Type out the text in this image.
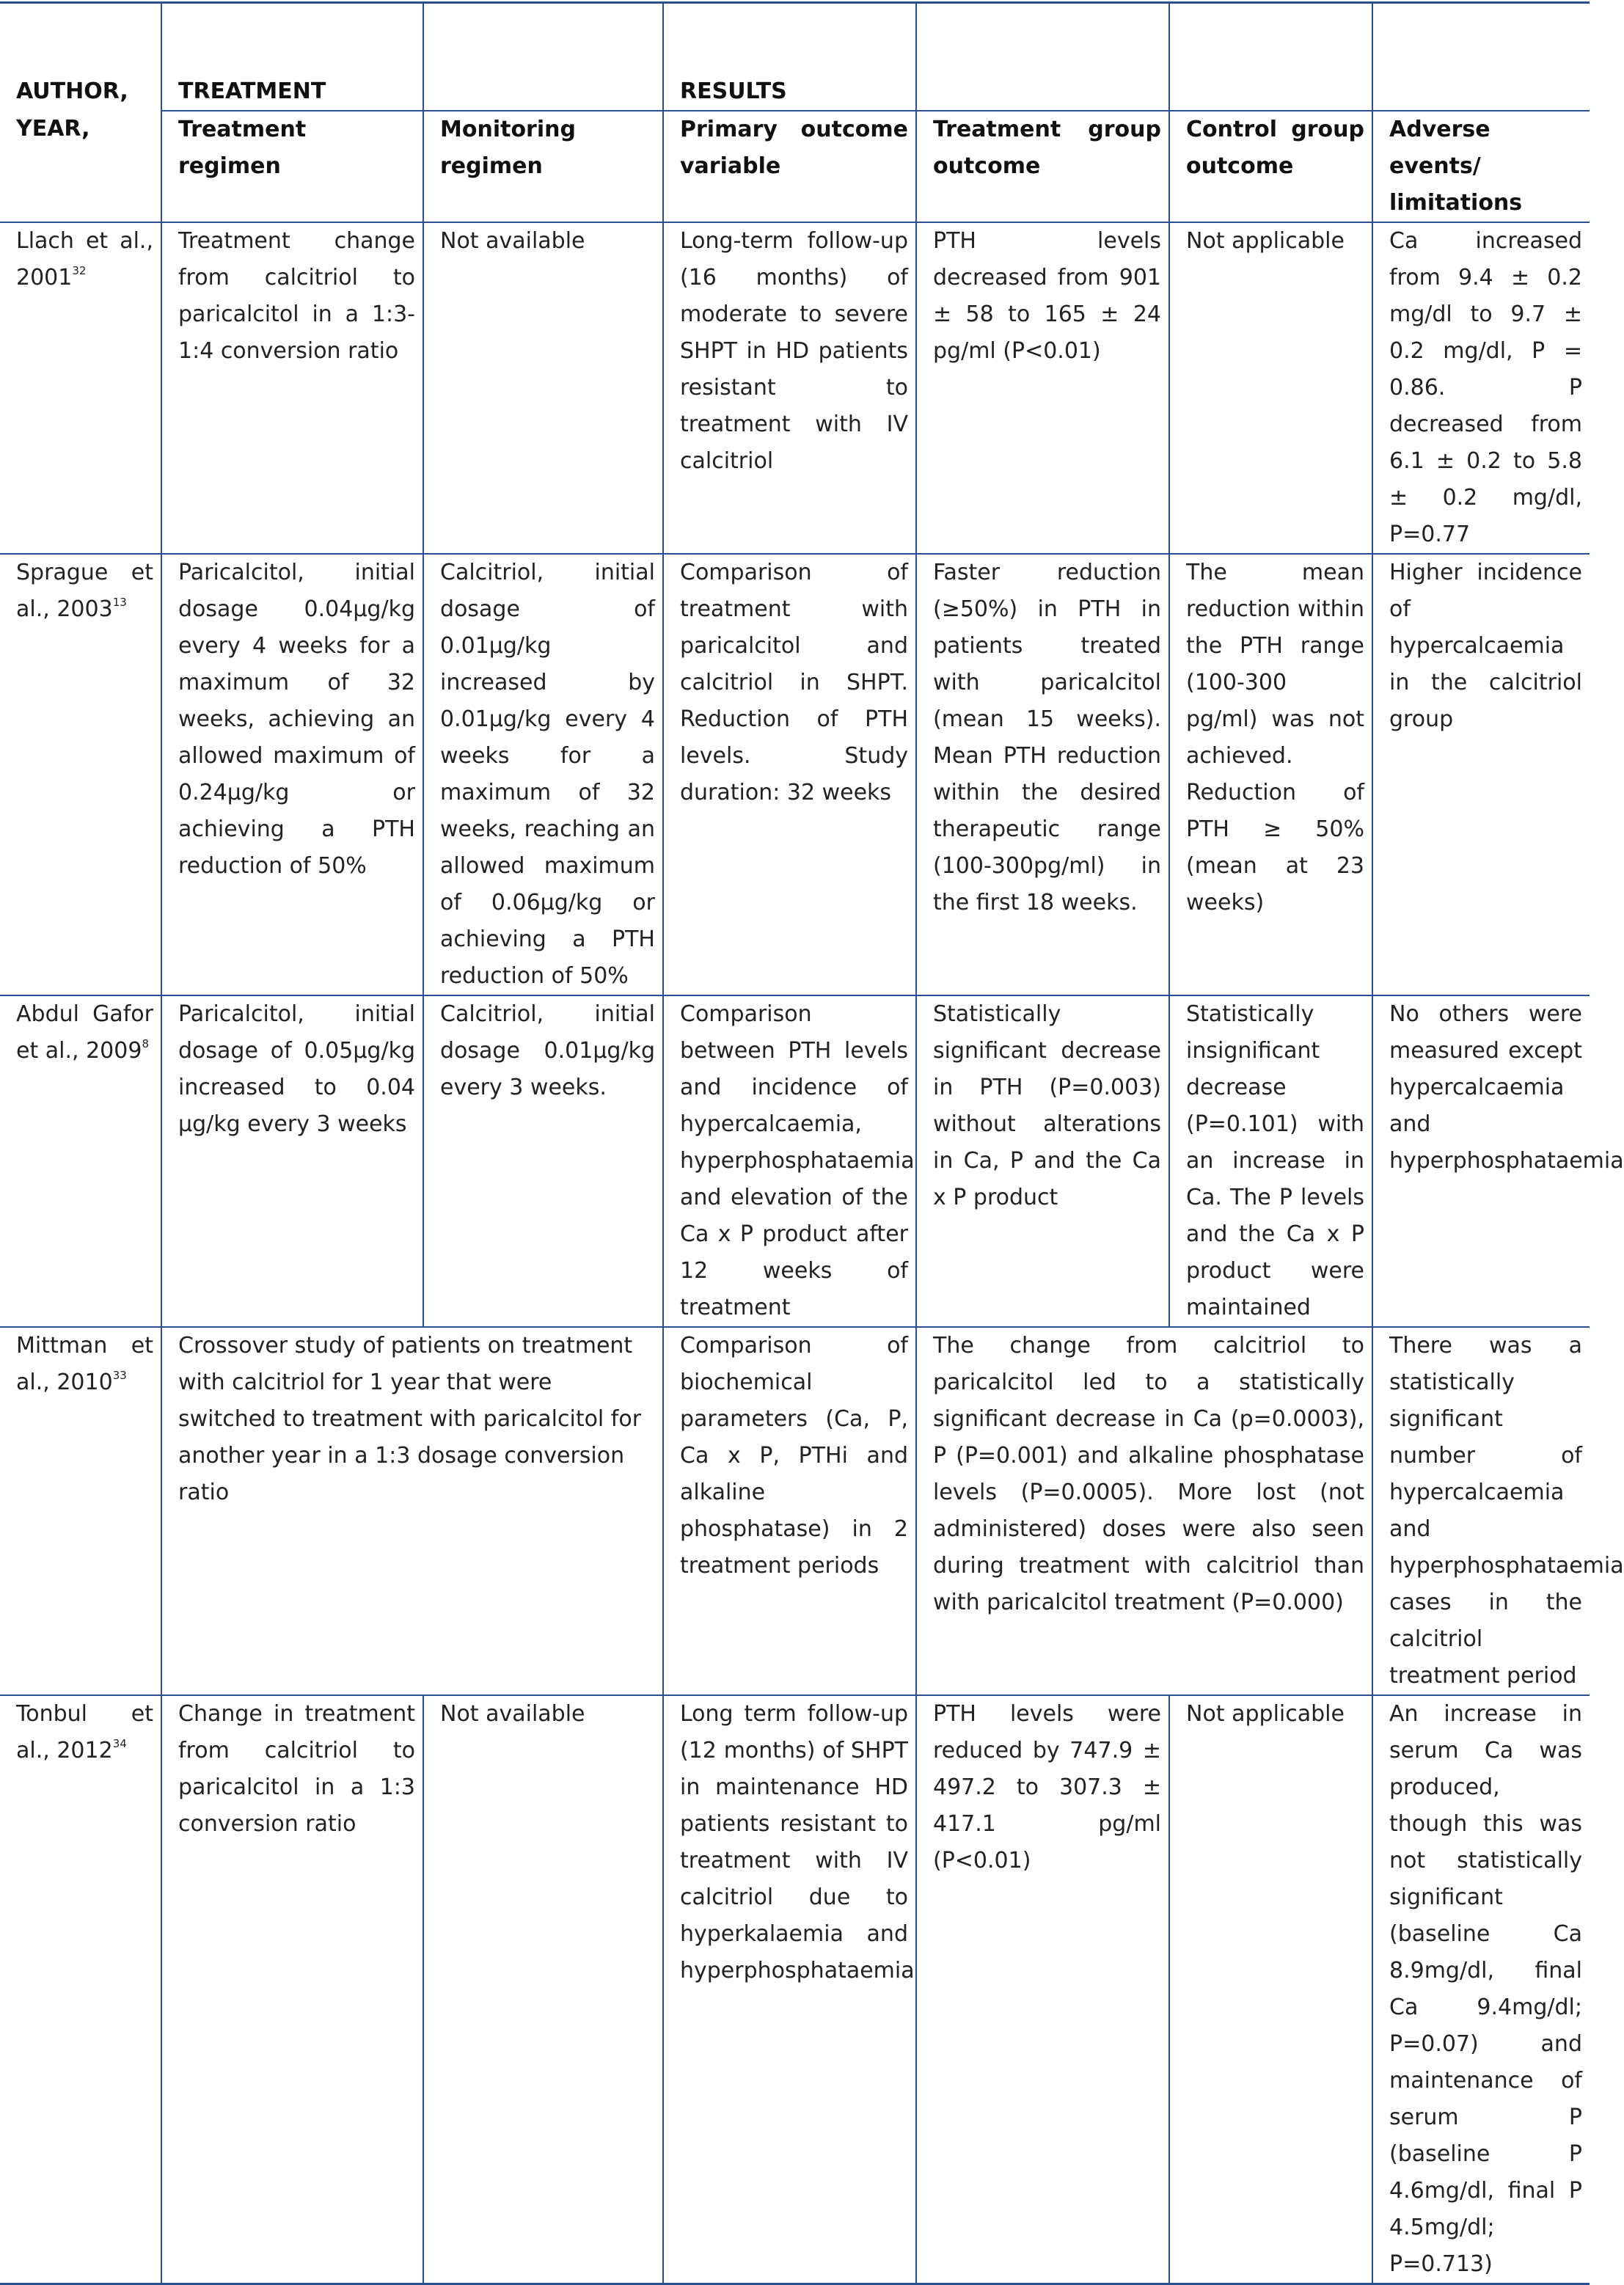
AUTHOR,	TREATMENT		RESULTS			
YEAR,	Treatment regimen	Monitoring regimen	Primary outcome variable	Treatment group outcome	Control group outcome	Adverse events/ limitations
Llach et al., 2001$^{32}$	Treatment change from calcitriol to paricalcitol in a 1:3-1:4 conversion ratio	Not available	Long-term follow-up (16 months) of moderate to severe SHPT in HD patients resistant to treatment with IV calcitriol	PTH levels decreased from 901 ± 58 to 165 ± 24 pg/ml (P<0.01)	Not applicable	Ca increased from 9.4 ± 0.2 mg/dl to 9.7 ± 0.2 mg/dl, P = 0.86. P decreased from 6.1 ± 0.2 to 5.8 ± 0.2 mg/dl, P=0.77
Sprague et al., 2003$^{13}$	Paricalcitol, initial dosage 0.04µg/kg every 4 weeks for a maximum of 32 weeks, achieving an allowed maximum of 0.24µg/kg or achieving a PTH reduction of 50%	Calcitriol, initial dosage of 0.01µg/kg increased by 0.01µg/kg every 4 weeks for a maximum of 32 weeks, reaching an allowed maximum of 0.06µg/kg or achieving a PTH reduction of 50%	Comparison of treatment with paricalcitol and calcitriol in SHPT. Reduction of PTH levels. Study duration: 32 weeks	Faster reduction (≥50%) in PTH in patients treated with paricalcitol (mean 15 weeks). Mean PTH reduction within the desired therapeutic range (100-300pg/ml) in the first 18 weeks.	The mean reduction within the PTH range (100-300 pg/ml) was not achieved. Reduction of PTH ≥ 50% (mean at 23 weeks)	Higher incidence of hypercalcaemia in the calcitriol group
Abdul Gafor et al., 2009$^8$	Paricalcitol, initial dosage of 0.05µg/kg increased to 0.04 µg/kg every 3 weeks	Calcitriol, initial dosage 0.01µg/kg every 3 weeks.	Comparison between PTH levels and incidence of hypercalcaemia, hyperphosphataemia and elevation of the Ca x P product after 12 weeks of treatment	Statistically significant decrease in PTH (P=0.003) without alterations in Ca, P and the Ca x P product	Statistically insignificant decrease (P=0.101) with an increase in Ca. The P levels and the Ca x P product were maintained	No others were measured except hypercalcaemia and hyperphosphataemia
Mittman et al., 2010$^{33}$	Crossover study of patients on treatment with calcitriol for 1 year that were switched to treatment with paricalcitol for another year in a 1:3 dosage conversion ratio		Comparison of biochemical parameters (Ca, P, Ca x P, PTHi and alkaline phosphatase) in 2 treatment periods	The change from calcitriol to paricalcitol led to a statistically significant decrease in Ca (p=0.0003), P (P=0.001) and alkaline phosphatase levels (P=0.0005). More lost (not administered) doses were also seen during treatment with calcitriol than with paricalcitol treatment (P=0.000)		There was a statistically significant number of hypercalcaemia and hyperphosphataemia cases in the calcitriol treatment period
Tonbul et al., 2012$^{34}$	Change in treatment from calcitriol to paricalcitol in a 1:3 conversion ratio	Not available	Long term follow-up (12 months) of SHPT in maintenance HD patients resistant to treatment with IV calcitriol due to hyperkalaemia and hyperphosphataemia	PTH levels were reduced by 747.9 ± 497.2 to 307.3 ± 417.1 pg/ml (P<0.01)	Not applicable	An increase in serum Ca was produced, though this was not statistically significant (baseline Ca 8.9mg/dl, final Ca 9.4mg/dl; P=0.07) and maintenance of serum P (baseline P 4.6mg/dl, final P 4.5mg/dl; P=0.713)
